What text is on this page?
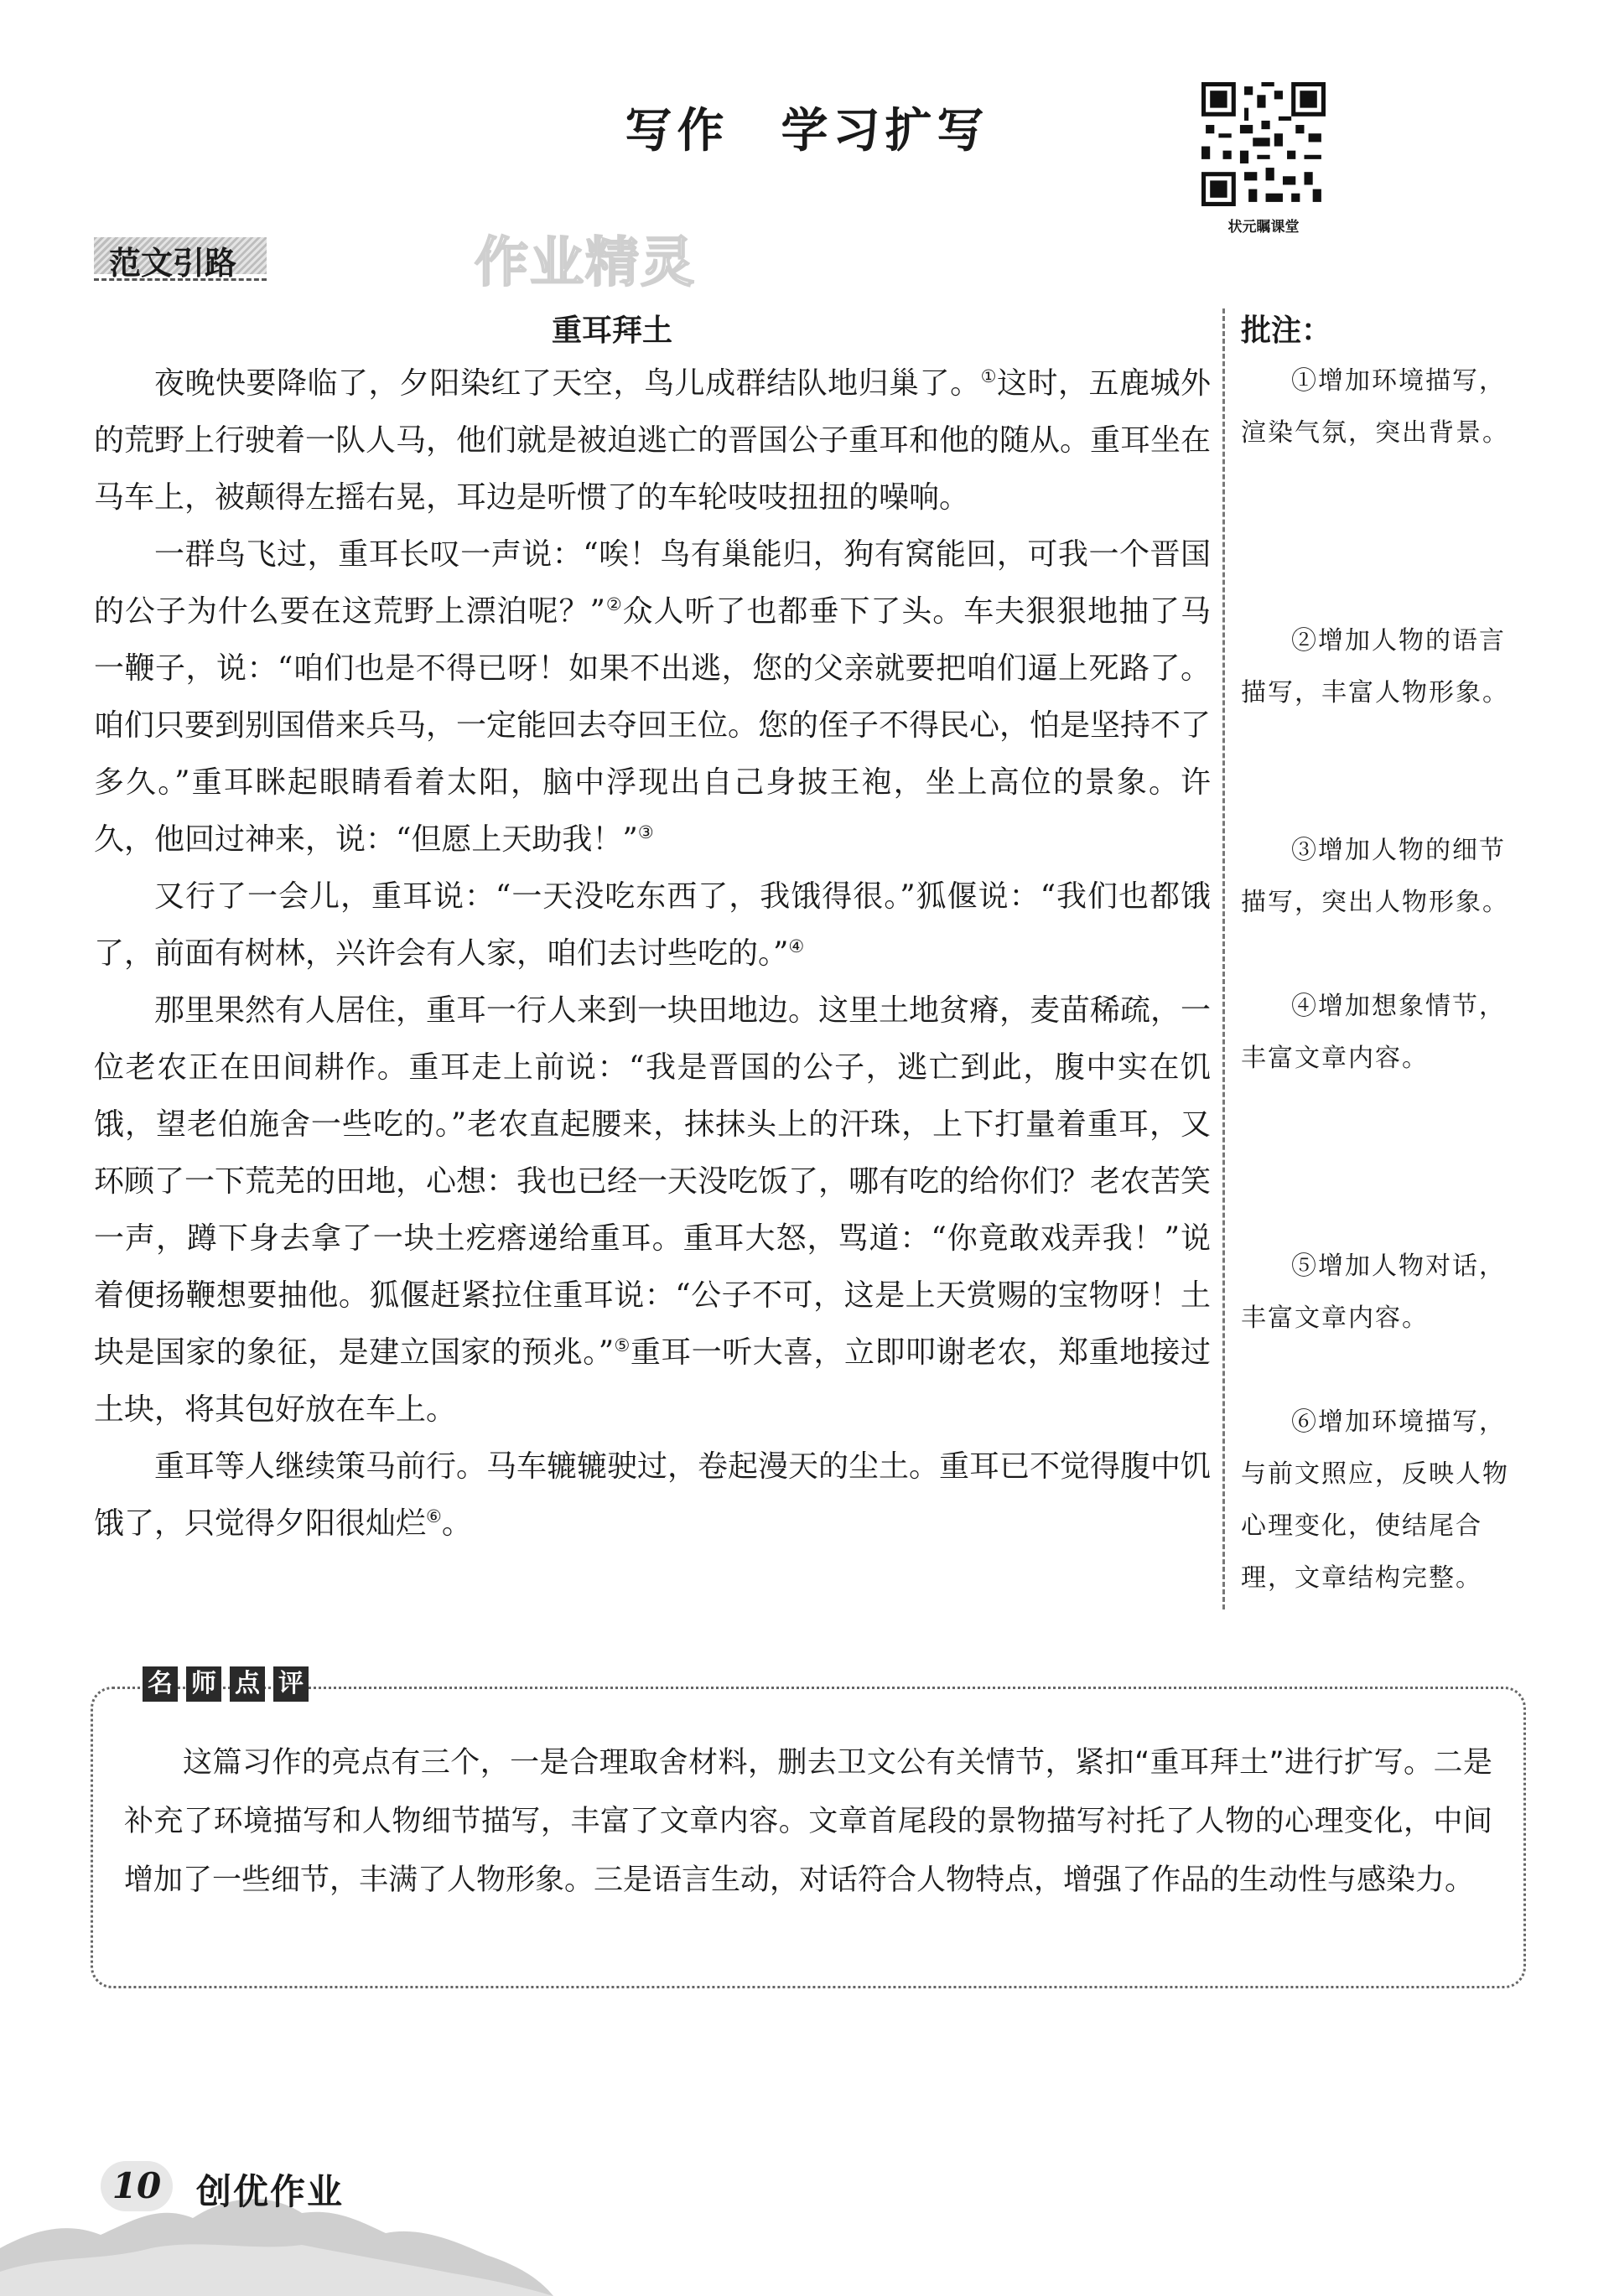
写作　学习扩写
状元瞩课堂
范文引路	作业精灵
重耳拜土

夜晚快要降临了，夕阳染红了天空，鸟儿成群结队地归巢了。①这时，五鹿城外的荒野上行驶着一队人马，他们就是被迫逃亡的晋国公子重耳和他的随从。重耳坐在马车上，被颠得左摇右晃，耳边是听惯了的车轮吱吱扭扭的噪响。

一群鸟飞过，重耳长叹一声说：“唉！鸟有巢能归，狗有窝能回，可我一个晋国的公子为什么要在这荒野上漂泊呢？”②众人听了也都垂下了头。车夫狠狠地抽了马一鞭子，说：“咱们也是不得已呀！如果不出逃，您的父亲就要把咱们逼上死路了。咱们只要到别国借来兵马，一定能回去夺回王位。您的侄子不得民心，怕是坚持不了多久。”重耳眯起眼睛看着太阳，脑中浮现出自己身披王袍，坐上高位的景象。许久，他回过神来，说：“但愿上天助我！”③

又行了一会儿，重耳说：“一天没吃东西了，我饿得很。”狐偃说：“我们也都饿了，前面有树林，兴许会有人家，咱们去讨些吃的。”④

那里果然有人居住，重耳一行人来到一块田地边。这里土地贫瘠，麦苗稀疏，一位老农正在田间耕作。重耳走上前说：“我是晋国的公子，逃亡到此，腹中实在饥饿，望老伯施舍一些吃的。”老农直起腰来，抹抹头上的汗珠，上下打量着重耳，又环顾了一下荒芜的田地，心想：我也已经一天没吃饭了，哪有吃的给你们？老农苦笑一声，蹲下身去拿了一块土疙瘩递给重耳。重耳大怒，骂道：“你竟敢戏弄我！”说着便扬鞭想要抽他。狐偃赶紧拉住重耳说：“公子不可，这是上天赏赐的宝物呀！土块是国家的象征，是建立国家的预兆。”⑤重耳一听大喜，立即叩谢老农，郑重地接过土块，将其包好放在车上。

重耳等人继续策马前行。马车辘辘驶过，卷起漫天的尘土。重耳已不觉得腹中饥饿了，只觉得夕阳很灿烂⑥。

批注：
①增加环境描写，渲染气氛，突出背景。
②增加人物的语言描写，丰富人物形象。
③增加人物的细节描写，突出人物形象。
④增加想象情节，丰富文章内容。
⑤增加人物对话，丰富文章内容。
⑥增加环境描写，与前文照应，反映人物心理变化，使结尾合理，文章结构完整。
名 师 点 评
这篇习作的亮点有三个，一是合理取舍材料，删去卫文公有关情节，紧扣“重耳拜土”进行扩写。二是补充了环境描写和人物细节描写，丰富了文章内容。文章首尾段的景物描写衬托了人物的心理变化，中间增加了一些细节，丰满了人物形象。三是语言生动，对话符合人物特点，增强了作品的生动性与感染力。
10 创优作业
